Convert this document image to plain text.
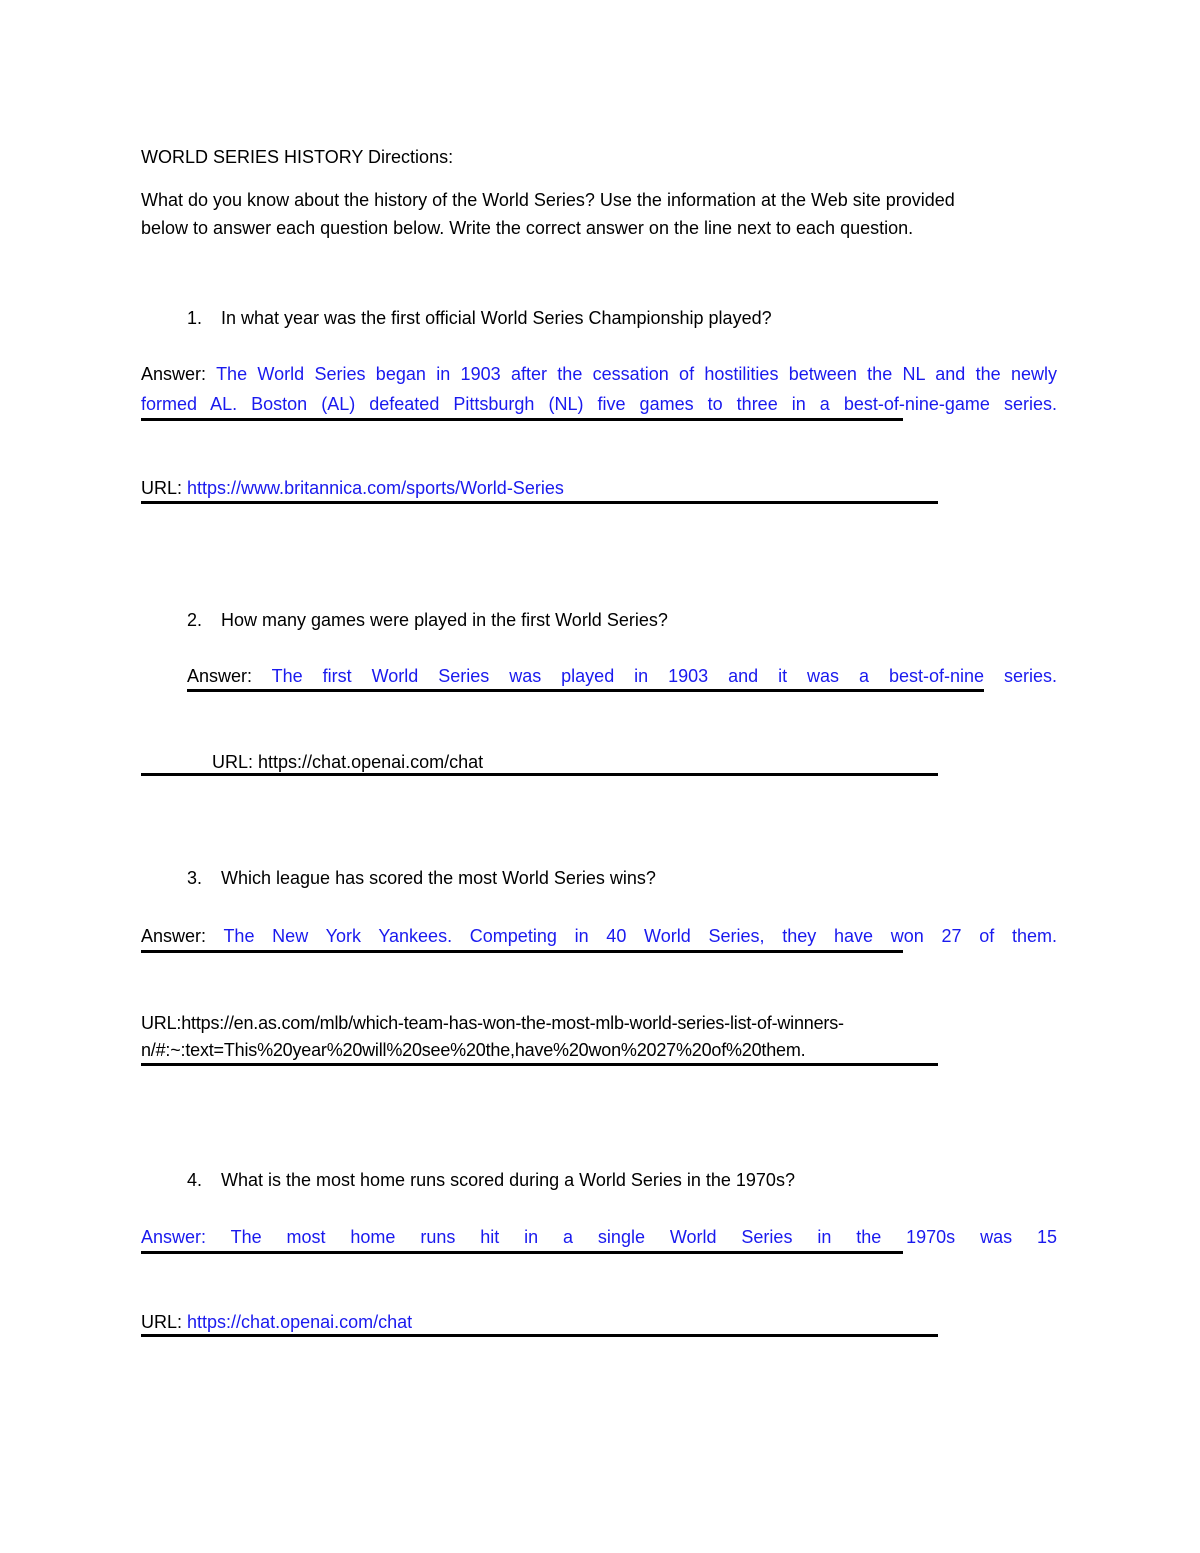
WORLD SERIES HISTORY Directions:
What do you know about the history of the World Series? Use the information at the Web site provided
below to answer each question below. Write the correct answer on the line next to each question.
1. In what year was the first official World Series Championship played?
Answer: The World Series began in 1903 after the cessation of hostilities between the NL and the newly
formed AL. Boston (AL) defeated Pittsburgh (NL) five games to three in a best-of-nine-game series.
URL: https://www.britannica.com/sports/World-Series
2. How many games were played in the first World Series?
Answer: The first World Series was played in 1903 and it was a best-of-nine series.
URL: https://chat.openai.com/chat
3. Which league has scored the most World Series wins?
Answer: The New York Yankees. Competing in 40 World Series, they have won 27 of them.
URL:https://en.as.com/mlb/which-team-has-won-the-most-mlb-world-series-list-of-winners-
n/#:~:text=This%20year%20will%20see%20the,have%20won%2027%20of%20them.
4. What is the most home runs scored during a World Series in the 1970s?
Answer: The most home runs hit in a single World Series in the 1970s was 15
URL: https://chat.openai.com/chat
